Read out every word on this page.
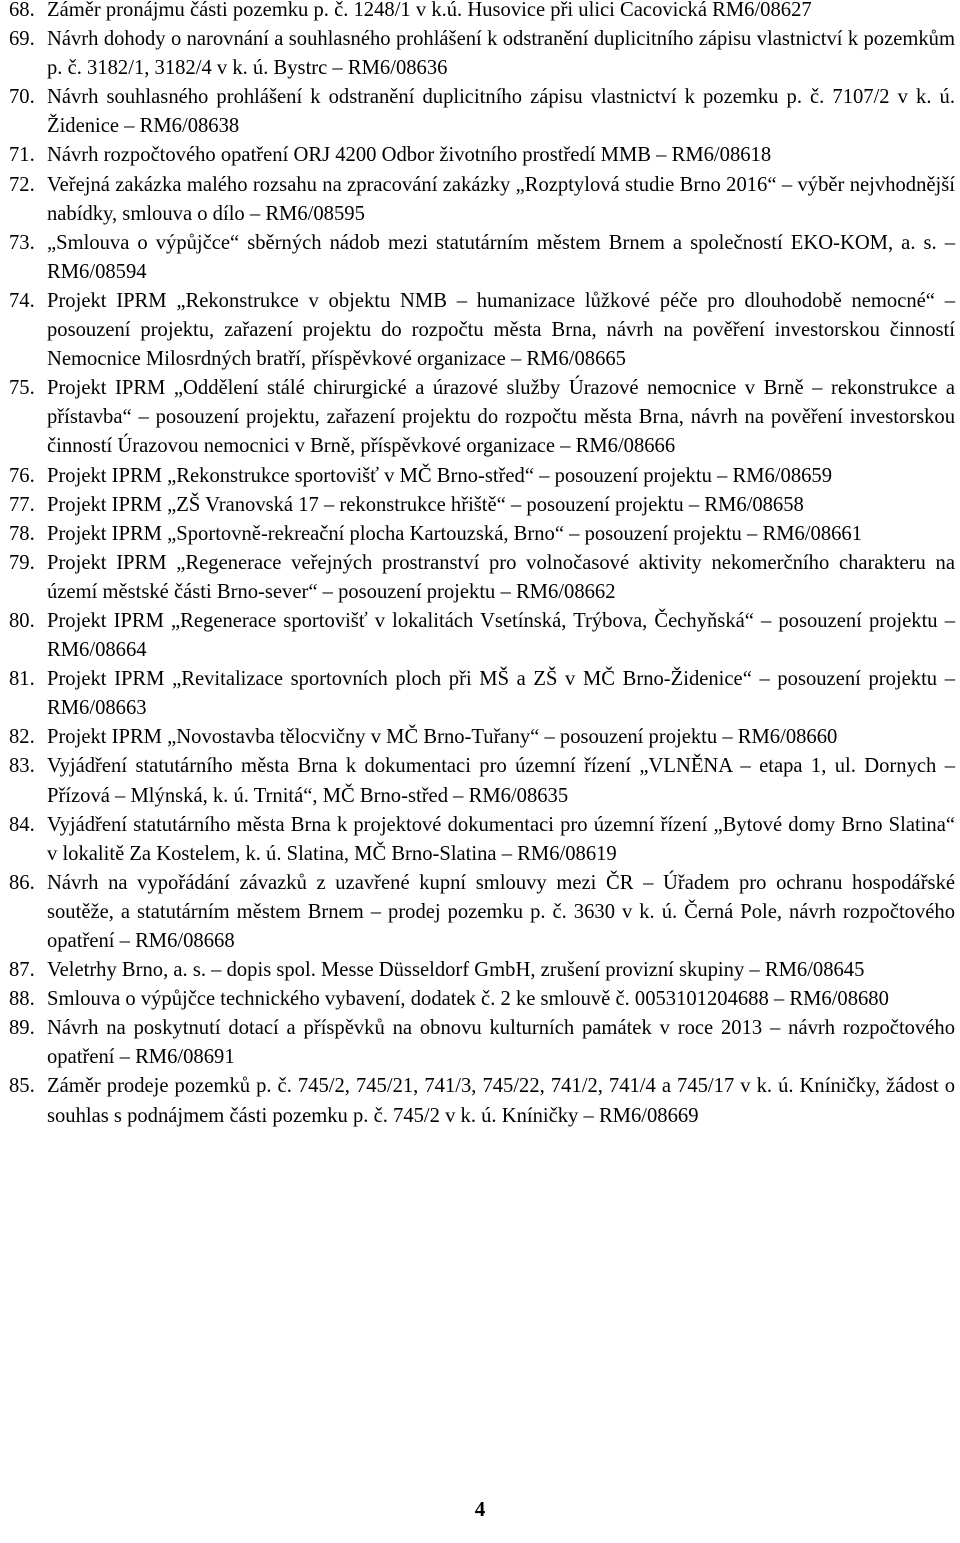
68. Záměr pronájmu části pozemku p. č. 1248/1 v k.ú. Husovice při ulici Cacovická RM6/08627
69. Návrh dohody o narovnání a souhlasného prohlášení k odstranění duplicitního zápisu vlastnictví k pozemkům p. č. 3182/1, 3182/4 v k. ú. Bystrc – RM6/08636
70. Návrh souhlasného prohlášení k odstranění duplicitního zápisu vlastnictví k pozemku p. č. 7107/2 v k. ú. Židenice – RM6/08638
71. Návrh rozpočtového opatření ORJ 4200 Odbor životního prostředí MMB – RM6/08618
72. Veřejná zakázka malého rozsahu na zpracování zakázky „Rozptylová studie Brno 2016“ – výběr nejvhodnější nabídky, smlouva o dílo – RM6/08595
73. „Smlouva o výpůjčce“ sběrných nádob mezi statutárním městem Brnem a společností EKO-KOM, a. s. – RM6/08594
74. Projekt IPRM „Rekonstrukce v objektu NMB – humanizace lůžkové péče pro dlouhodobě nemocné“ – posouzení projektu, zařazení projektu do rozpočtu města Brna, návrh na pověření investorskou činností Nemocnice Milosrdných bratří, příspěvkové organizace – RM6/08665
75. Projekt IPRM „Oddělení stálé chirurgické a úrazové služby Úrazové nemocnice v Brně – rekonstrukce a přístavba“ – posouzení projektu, zařazení projektu do rozpočtu města Brna, návrh na pověření investorskou činností Úrazovou nemocnici v Brně, příspěvkové organizace – RM6/08666
76. Projekt IPRM „Rekonstrukce sportovišť v MČ Brno-střed“ – posouzení projektu – RM6/08659
77. Projekt IPRM „ZŠ Vranovská 17 – rekonstrukce hřiště“ – posouzení projektu – RM6/08658
78. Projekt IPRM „Sportovně-rekreační plocha Kartouzská, Brno“ – posouzení projektu – RM6/08661
79. Projekt IPRM „Regenerace veřejných prostranství pro volnočasové aktivity nekomerčního charakteru na území městské části Brno-sever“ – posouzení projektu – RM6/08662
80. Projekt IPRM „Regenerace sportovišť v lokalitách Vsetínská, Trýbova, Čechyňská“ – posouzení projektu – RM6/08664
81. Projekt IPRM „Revitalizace sportovních ploch při MŠ a ZŠ v MČ Brno-Židenice“ – posouzení projektu – RM6/08663
82. Projekt IPRM „Novostavba tělocvičny v MČ Brno-Tuřany“ – posouzení projektu – RM6/08660
83. Vyjádření statutárního města Brna k dokumentaci pro územní řízení „VLNĚNA – etapa 1, ul. Dornych – Přízová – Mlýnská, k. ú. Trnitá“, MČ Brno-střed – RM6/08635
84. Vyjádření statutárního města Brna k projektové dokumentaci pro územní řízení „Bytové domy Brno Slatina“ v lokalitě Za Kostelem, k. ú. Slatina, MČ Brno-Slatina – RM6/08619
86. Návrh na vypořádání závazků z uzavřené kupní smlouvy mezi ČR – Úřadem pro ochranu hospodářské soutěže, a statutárním městem Brnem – prodej pozemku p. č. 3630 v k. ú. Černá Pole, návrh rozpočtového opatření – RM6/08668
87. Veletrhy Brno, a. s. – dopis spol. Messe Düsseldorf GmbH, zrušení provizní skupiny – RM6/08645
88. Smlouva o výpůjčce technického vybavení, dodatek č. 2 ke smlouvě č. 0053101204688 – RM6/08680
89. Návrh na poskytnutí dotací a příspěvků na obnovu kulturních památek v roce 2013 – návrh rozpočtového opatření – RM6/08691
85. Záměr prodeje pozemků p. č. 745/2, 745/21, 741/3, 745/22, 741/2, 741/4 a 745/17 v k. ú. Kníničky, žádost o souhlas s podnájmem části pozemku p. č. 745/2 v k. ú. Kníničky – RM6/08669
4
